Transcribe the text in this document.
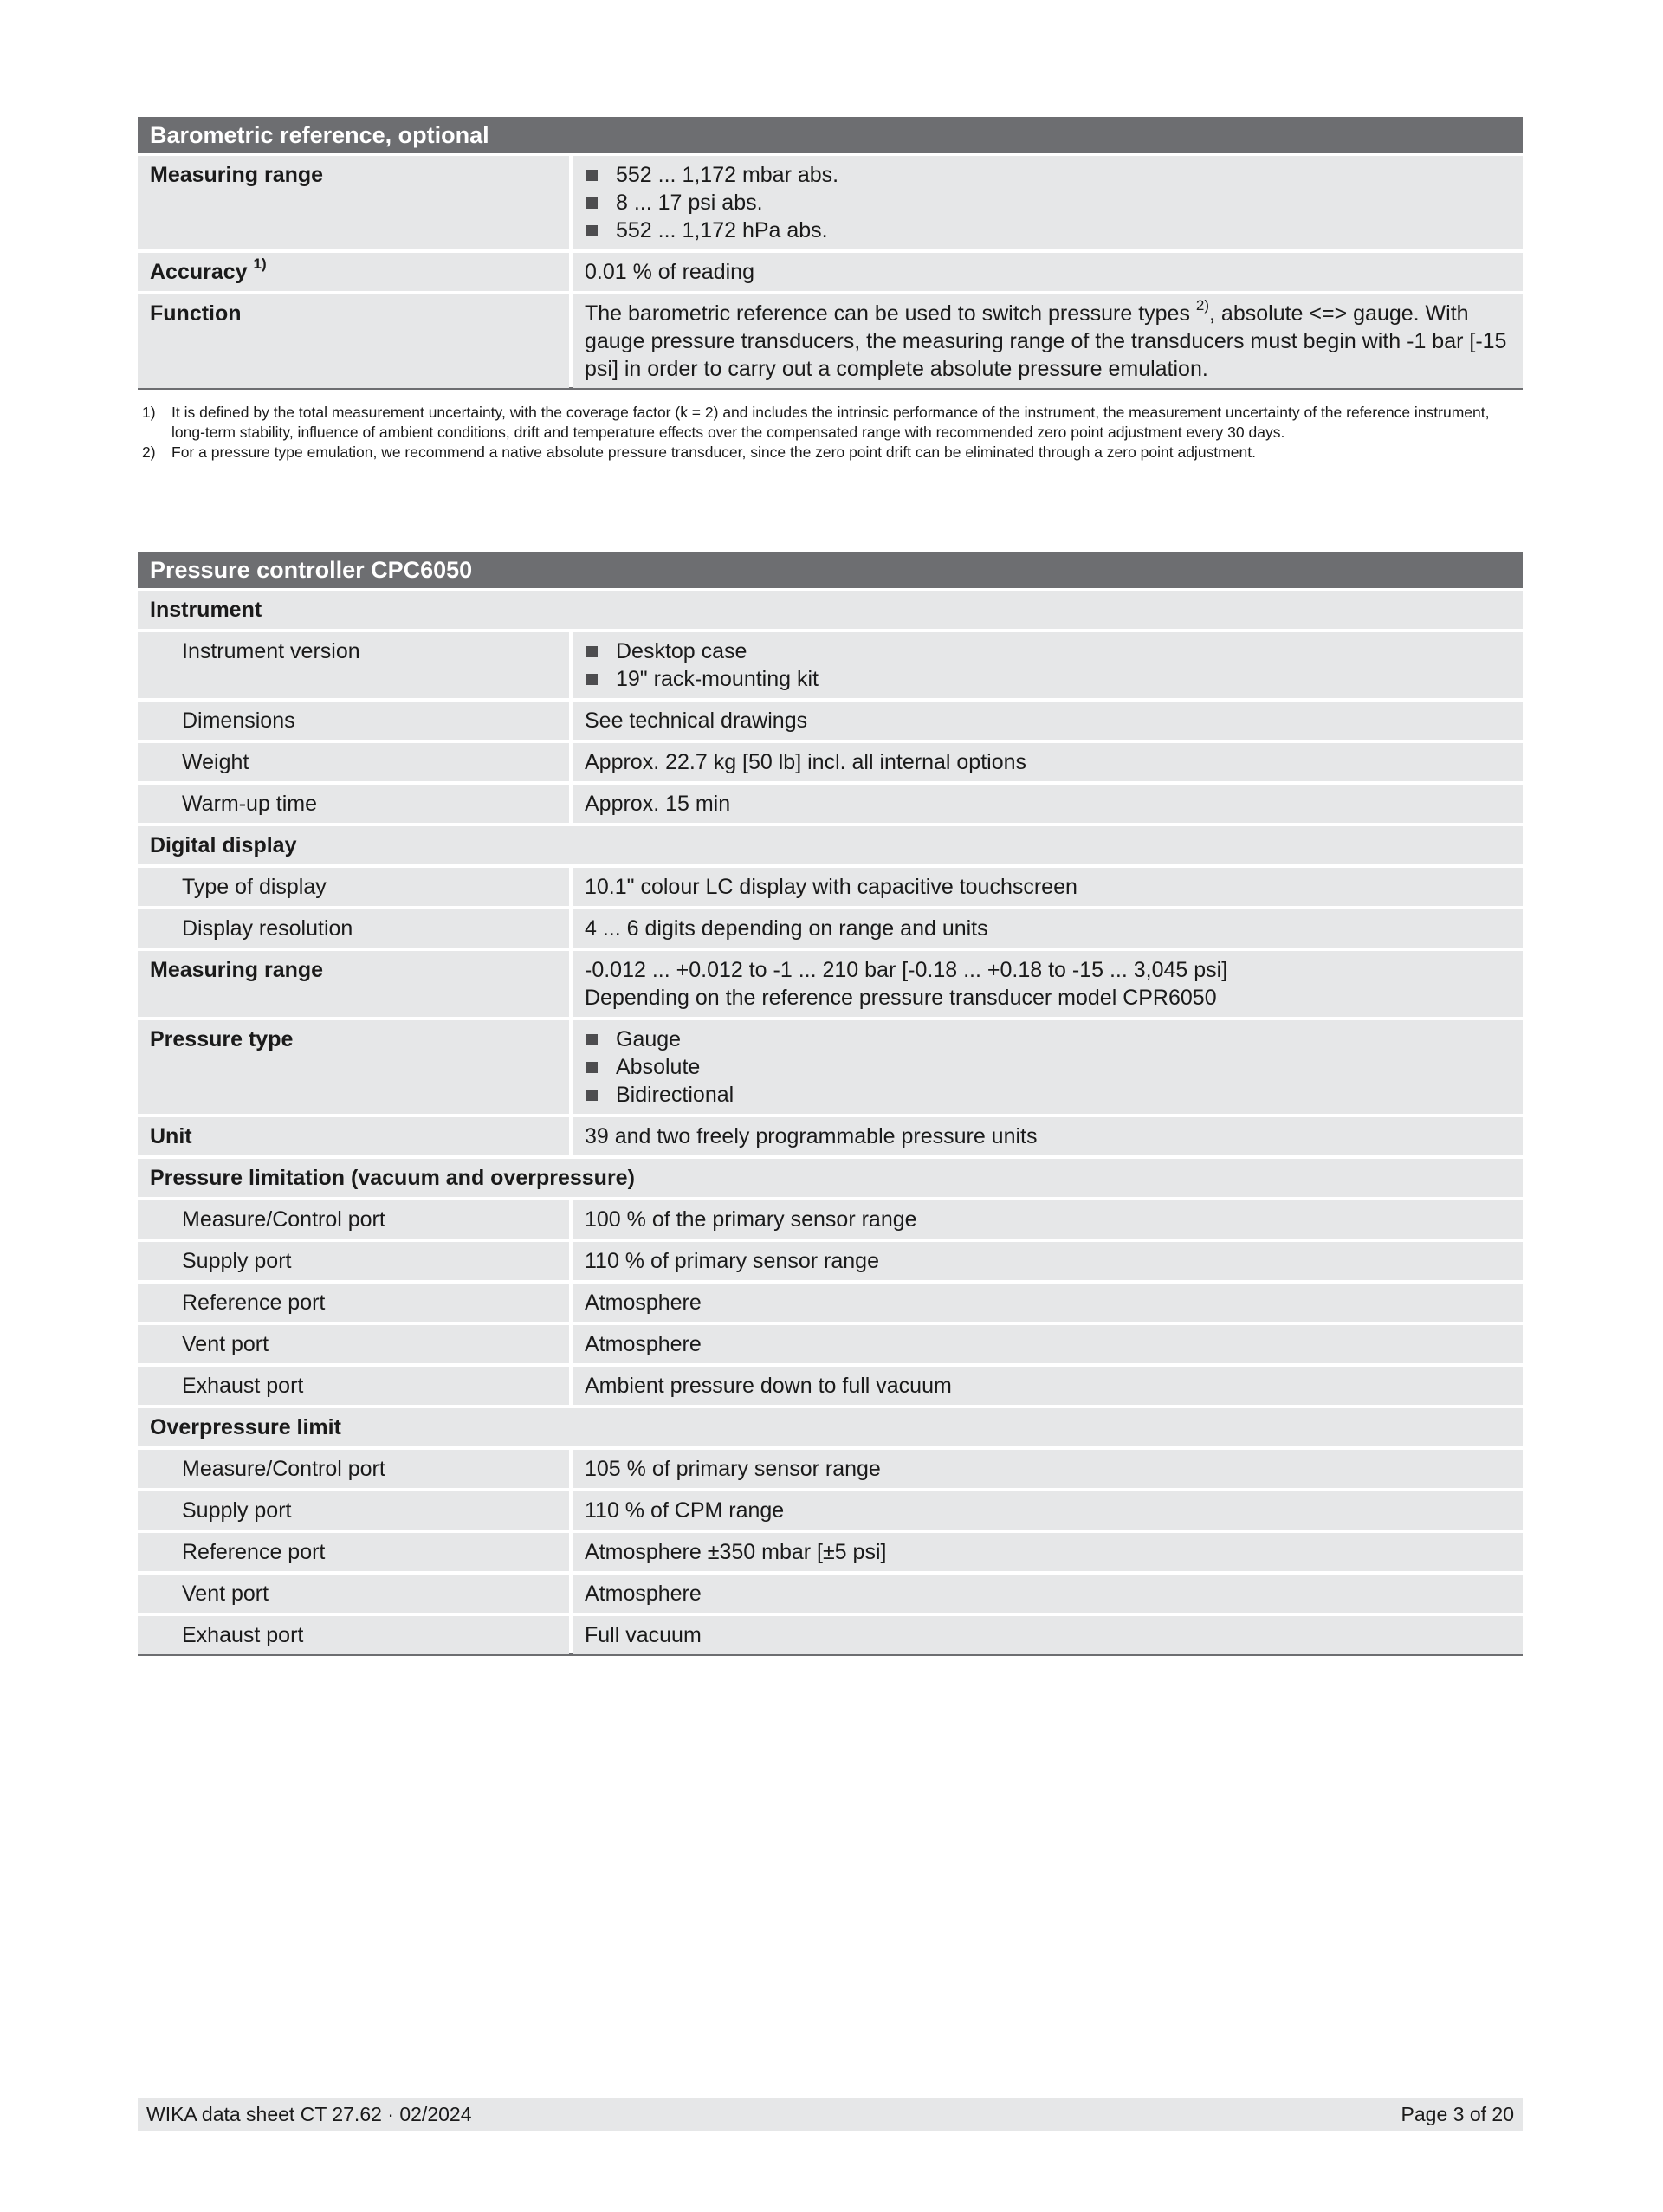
Barometric reference, optional
Measuring range	552 ... 1,172 mbar abs.
8 ... 17 psi abs.
552 ... 1,172 hPa abs.
Accuracy $^{1)}$	0.01 % of reading
Function	The barometric reference can be used to switch pressure types $^{2)}$, absolute <=> gauge. With gauge pressure transducers, the measuring range of the transducers must begin with -1 bar [-15 psi] in order to carry out a complete absolute pressure emulation.
1)	It is defined by the total measurement uncertainty, with the coverage factor (k = 2) and includes the intrinsic performance of the instrument, the measurement uncertainty of the reference instrument, long-term stability, influence of ambient conditions, drift and temperature effects over the compensated range with recommended zero point adjustment every 30 days.
2)	For a pressure type emulation, we recommend a native absolute pressure transducer, since the zero point drift can be eliminated through a zero point adjustment.
Pressure controller CPC6050
Instrument
Instrument version	Desktop case
19" rack-mounting kit
Dimensions	See technical drawings
Weight	Approx. 22.7 kg [50 lb] incl. all internal options
Warm-up time	Approx. 15 min
Digital display
Type of display	10.1" colour LC display with capacitive touchscreen
Display resolution	4 ... 6 digits depending on range and units
Measuring range	-0.012 ... +0.012 to -1 ... 210 bar [-0.18 ... +0.18 to -15 ... 3,045 psi]
Depending on the reference pressure transducer model CPR6050
Pressure type	Gauge
Absolute
Bidirectional
Unit	39 and two freely programmable pressure units
Pressure limitation (vacuum and overpressure)
Measure/Control port	100 % of the primary sensor range
Supply port	110 % of primary sensor range
Reference port	Atmosphere
Vent port	Atmosphere
Exhaust port	Ambient pressure down to full vacuum
Overpressure limit
Measure/Control port	105 % of primary sensor range
Supply port	110 % of CPM range
Reference port	Atmosphere ±350 mbar [±5 psi]
Vent port	Atmosphere
Exhaust port	Full vacuum
WIKA data sheet CT 27.62 · 02/2024	Page 3 of 20
